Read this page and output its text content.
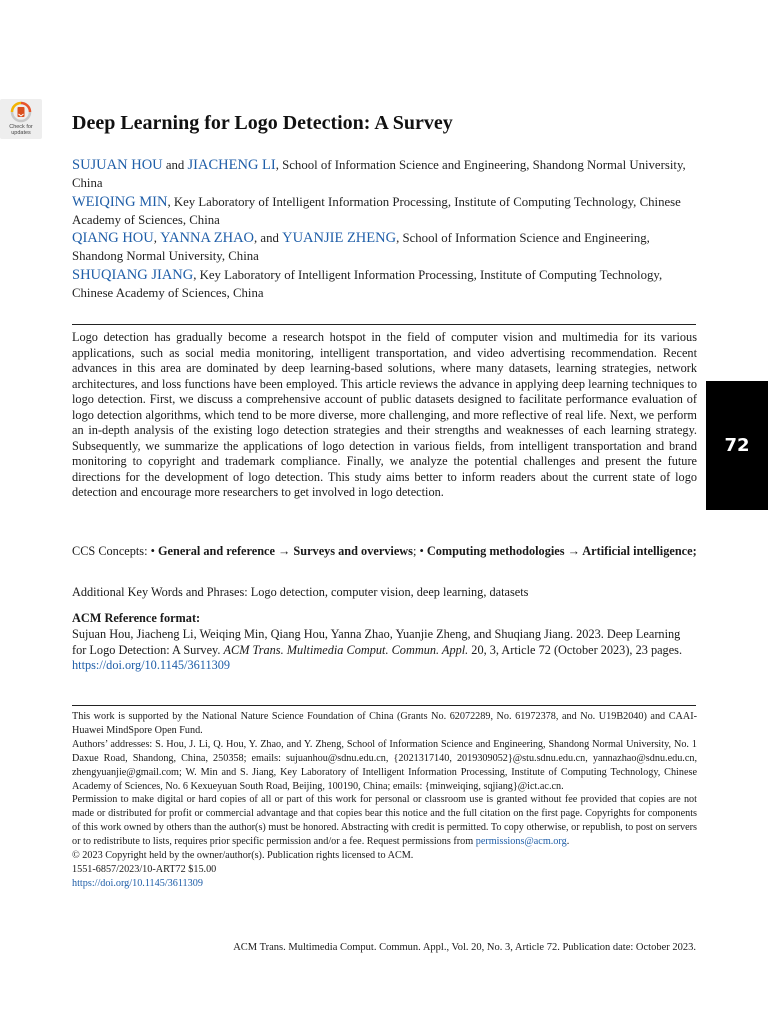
Check for updates	Deep Learning for Logo Detection: A Survey
SUJUAN HOU and JIACHENG LI, School of Information Science and Engineering, Shandong Normal University, China
WEIQING MIN, Key Laboratory of Intelligent Information Processing, Institute of Computing Technology, Chinese Academy of Sciences, China
QIANG HOU, YANNA ZHAO, and YUANJIE ZHENG, School of Information Science and Engineering, Shandong Normal University, China
SHUQIANG JIANG, Key Laboratory of Intelligent Information Processing, Institute of Computing Technology, Chinese Academy of Sciences, China

Logo detection has gradually become a research hotspot in the field of computer vision and multimedia for its various applications, such as social media monitoring, intelligent transportation, and video advertising recommendation. Recent advances in this area are dominated by deep learning-based solutions, where many datasets, learning strategies, network architectures, and loss functions have been employed. This article reviews the advance in applying deep learning techniques to logo detection. First, we discuss a comprehensive account of public datasets designed to facilitate performance evaluation of logo detection algorithms, which tend to be more diverse, more challenging, and more reflective of real life. Next, we perform an in-depth analysis of the existing logo detection strategies and their strengths and weaknesses of each learning strategy. Subsequently, we summarize the applications of logo detection in various fields, from intelligent transportation and brand monitoring to copyright and trademark compliance. Finally, we analyze the potential challenges and present the future directions for the development of logo detection. This study aims better to inform readers about the current state of logo detection and encourage more researchers to get involved in logo detection.

CCS Concepts: • General and reference → Surveys and overviews; • Computing methodologies → Artificial intelligence;

Additional Key Words and Phrases: Logo detection, computer vision, deep learning, datasets

ACM Reference format:

Sujuan Hou, Jiacheng Li, Weiqing Min, Qiang Hou, Yanna Zhao, Yuanjie Zheng, and Shuqiang Jiang. 2023. Deep Learning for Logo Detection: A Survey. ACM Trans. Multimedia Comput. Commun. Appl. 20, 3, Article 72 (October 2023), 23 pages.
https://doi.org/10.1145/3611309

This work is supported by the National Nature Science Foundation of China (Grants No. 62072289, No. 61972378, and No. U19B2040) and CAAI-Huawei MindSpore Open Fund.

Authors’ addresses: S. Hou, J. Li, Q. Hou, Y. Zhao, and Y. Zheng, School of Information Science and Engineering, Shandong Normal University, No. 1 Daxue Road, Shandong, China, 250358; emails: sujuanhou@sdnu.edu.cn, {2021317140, 2019309052}@stu.sdnu.edu.cn, yannazhao@sdnu.edu.cn, zhengyuanjie@gmail.com; W. Min and S. Jiang, Key Laboratory of Intelligent Information Processing, Institute of Computing Technology, Chinese Academy of Sciences, No. 6 Kexueyuan South Road, Beijing, 100190, China; emails: {minweiqing, sqjiang}@ict.ac.cn.

Permission to make digital or hard copies of all or part of this work for personal or classroom use is granted without fee provided that copies are not made or distributed for profit or commercial advantage and that copies bear this notice and the full citation on the first page. Copyrights for components of this work owned by others than the author(s) must be honored. Abstracting with credit is permitted. To copy otherwise, or republish, to post on servers or to redistribute to lists, requires prior specific permission and/or a fee. Request permissions from permissions@acm.org.

© 2023 Copyright held by the owner/author(s). Publication rights licensed to ACM.

1551-6857/2023/10-ART72 $15.00

https://doi.org/10.1145/3611309

ACM Trans. Multimedia Comput. Commun. Appl., Vol. 20, No. 3, Article 72. Publication date: October 2023.

72
